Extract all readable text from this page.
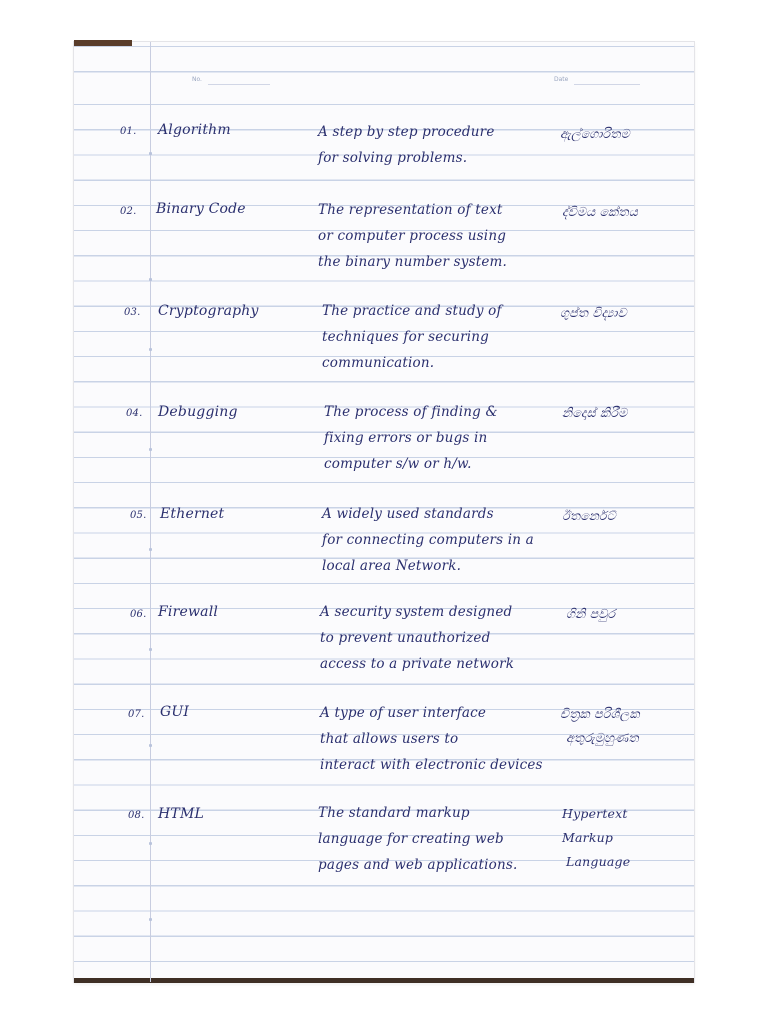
No.	Date
01. Algorithm	A step by step procedure
for solving problems.
ඇල්ගොරිතම
02. Binary Code	The representation of text
or computer process using
the binary number system.
ද්විමය කේතය
03. Cryptography	The practice and study of
techniques for securing
communication.
ගුප්ත විද්‍යාව
04. Debugging	The process of finding &
fixing errors or bugs in
computer s/w or h/w.
නිදොස් කිරීම
05. Ethernet	A widely used standards
for connecting computers in a
local area Network.
ඊතර්නෙට්
06. Firewall	A security system designed
to prevent unauthorized
access to a private network
ගිනි පවුර
07. GUI	A type of user interface
that allows users to
interact with electronic devices
චිත්‍රක පරිශීලක
අතුරුමුහුණත
08. HTML	The standard markup
language for creating web
pages and web applications.
Hypertext
Markup
Language
